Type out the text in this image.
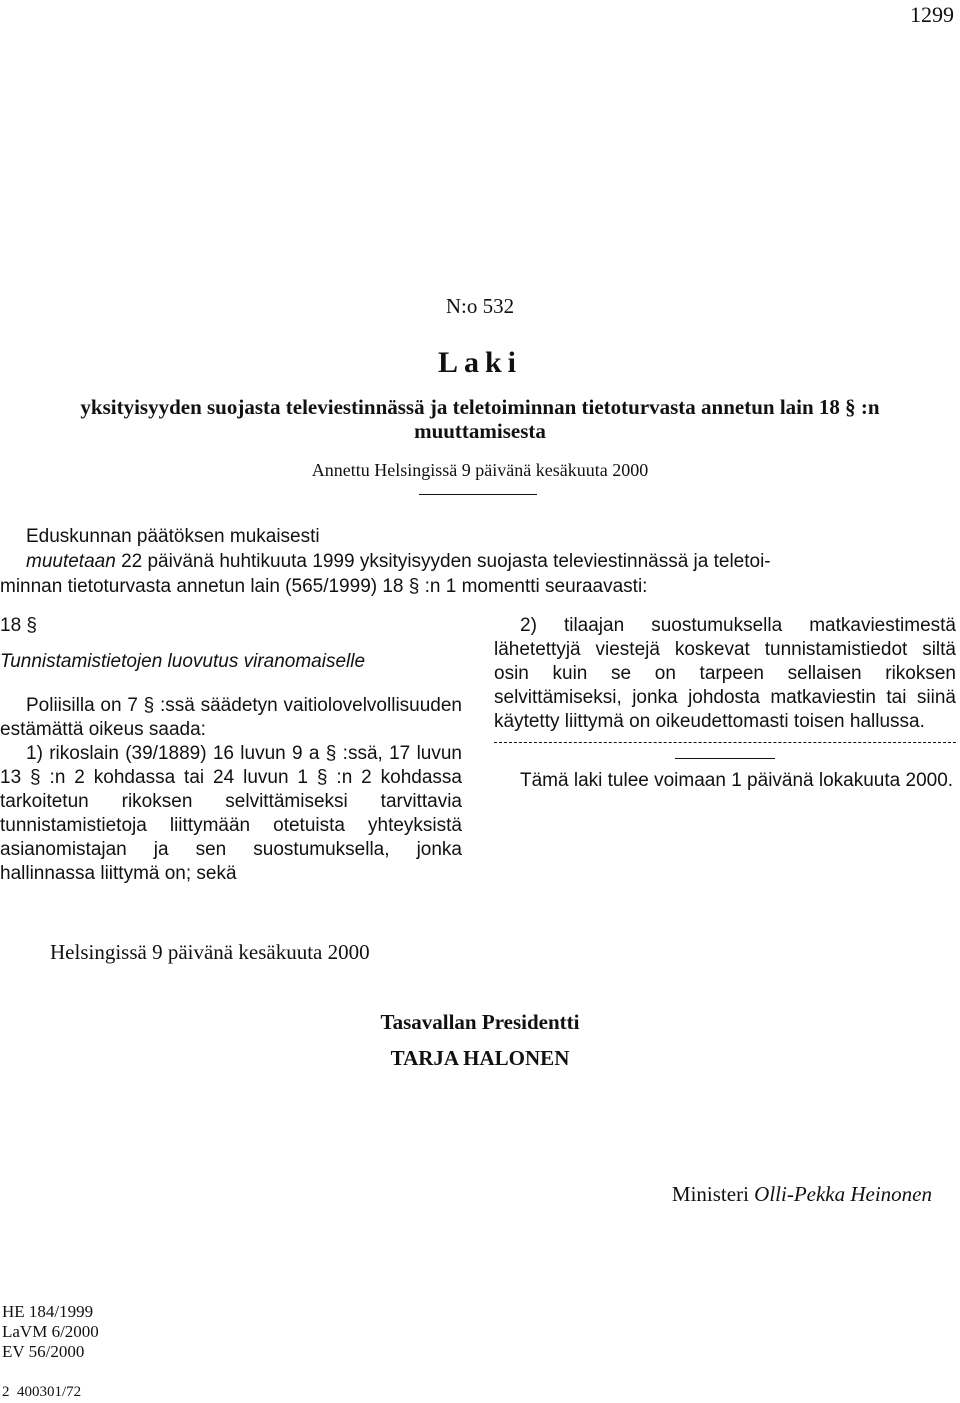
1299
N:o 532
Laki
yksityisyyden suojasta televiestinnässä ja teletoiminnan tietoturvasta annetun lain 18 § :n
muuttamisesta
Annettu Helsingissä 9 päivänä kesäkuuta 2000
Eduskunnan päätöksen mukaisesti
muutetaan 22 päivänä huhtikuuta 1999 yksityisyyden suojasta televiestinnässä ja teletoi-
minnan tietoturvasta annetun lain (565/1999) 18 § :n 1 momentti seuraavasti:

18 §

Tunnistamistietojen luovutus viranomaiselle

Poliisilla on 7 § :ssä säädetyn vaitiolovelvollisuuden estämättä oikeus saada:

1) rikoslain (39/1889) 16 luvun 9 a § :ssä, 17 luvun 13 § :n 2 kohdassa tai 24 luvun 1 § :n 2 kohdassa tarkoitetun rikoksen selvittämiseksi tarvittavia tunnistamistietoja liittymään otetuista yhteyksistä asianomistajan ja sen suostumuksella, jonka hallinnassa liittymä on; sekä

2) tilaajan suostumuksella matkaviestimestä lähetettyjä viestejä koskevat tunnistamistiedot siltä osin kuin se on tarpeen sellaisen rikoksen selvittämiseksi, jonka johdosta matkaviestin tai siinä käytetty liittymä on oikeudettomasti toisen hallussa.

Tämä laki tulee voimaan 1 päivänä lokakuuta 2000.

Helsingissä 9 päivänä kesäkuuta 2000
Tasavallan Presidentti
TARJA HALONEN
Ministeri Olli-Pekka Heinonen
HE 184/1999
LaVM 6/2000
EV 56/2000
2  400301/72
